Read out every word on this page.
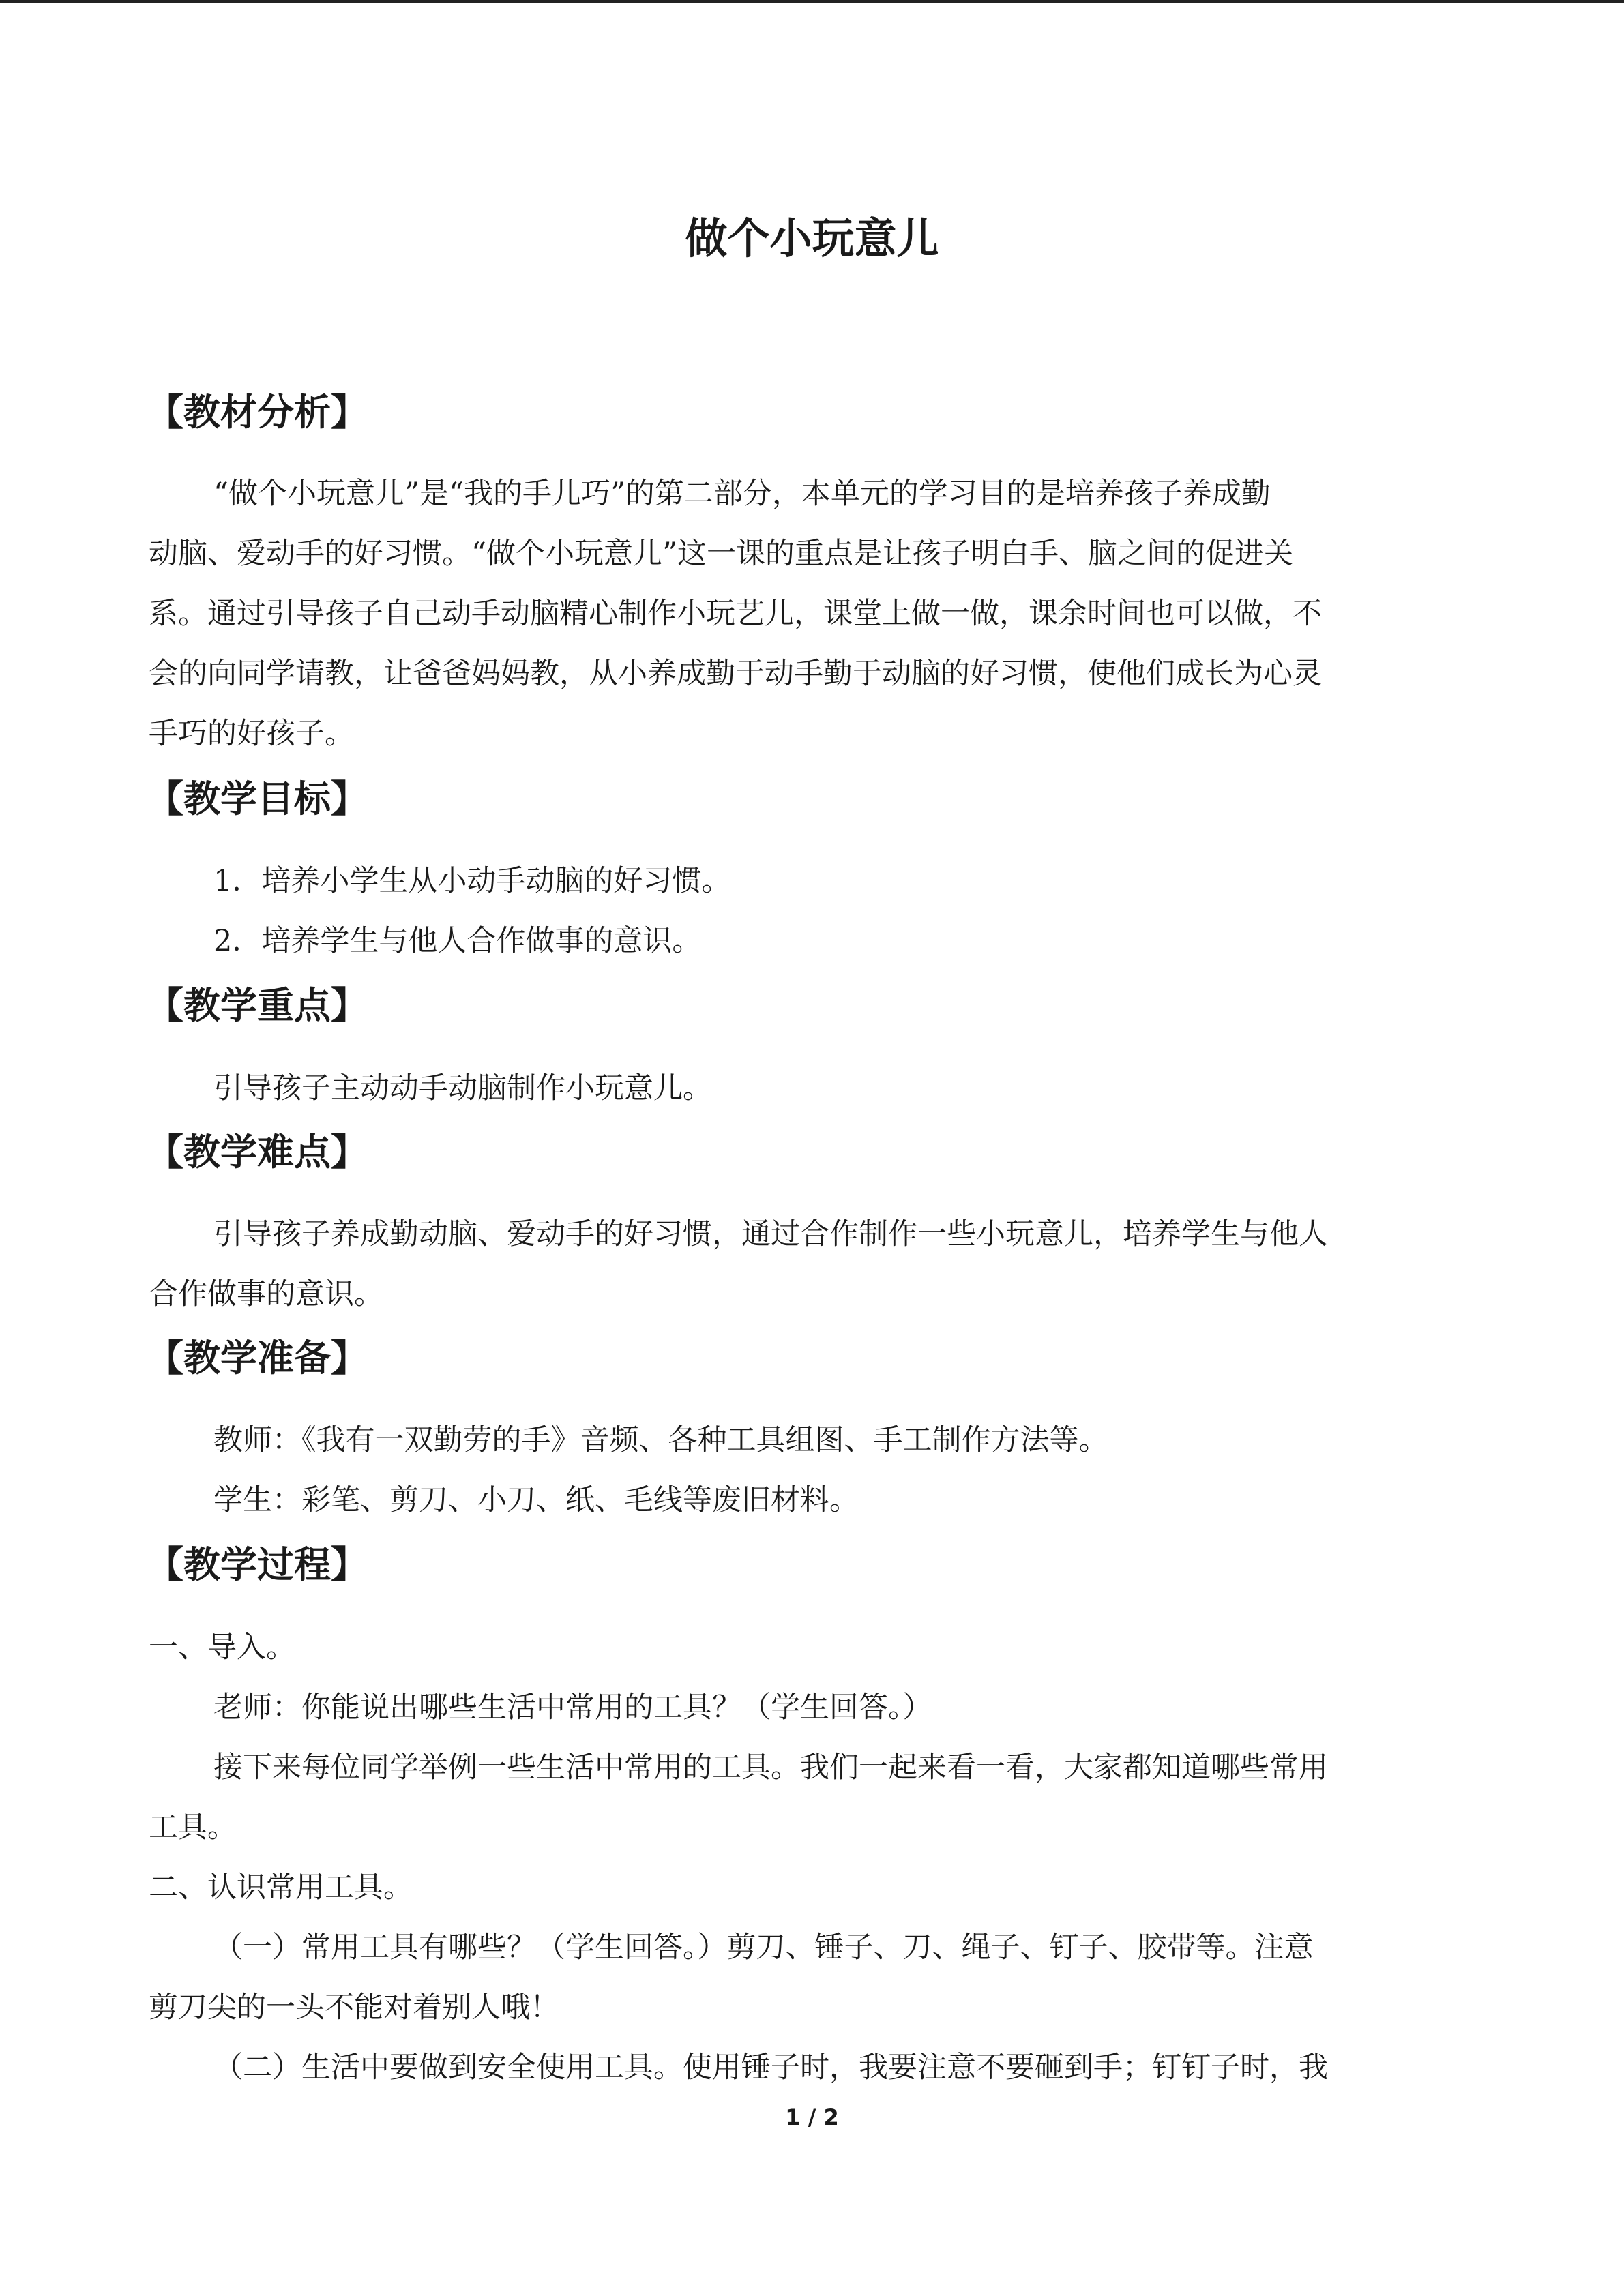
做个小玩意儿
【教材分析】
“做个小玩意儿”是“我的手儿巧”的第二部分，本单元的学习目的是培养孩子养成勤
动脑、爱动手的好习惯。“做个小玩意儿”这一课的重点是让孩子明白手、脑之间的促进关
系。通过引导孩子自己动手动脑精心制作小玩艺儿，课堂上做一做，课余时间也可以做，不
会的向同学请教，让爸爸妈妈教，从小养成勤于动手勤于动脑的好习惯，使他们成长为心灵
手巧的好孩子。
【教学目标】
1．培养小学生从小动手动脑的好习惯。
2．培养学生与他人合作做事的意识。
【教学重点】
引导孩子主动动手动脑制作小玩意儿。
【教学难点】
引导孩子养成勤动脑、爱动手的好习惯，通过合作制作一些小玩意儿，培养学生与他人
合作做事的意识。
【教学准备】
教师：《我有一双勤劳的手》音频、各种工具组图、手工制作方法等。
学生：彩笔、剪刀、小刀、纸、毛线等废旧材料。
【教学过程】
一、导入。
老师：你能说出哪些生活中常用的工具？（学生回答。）
接下来每位同学举例一些生活中常用的工具。我们一起来看一看，大家都知道哪些常用
工具。
二、认识常用工具。
（一）常用工具有哪些？（学生回答。）剪刀、锤子、刀、绳子、钉子、胶带等。注意
剪刀尖的一头不能对着别人哦！
（二）生活中要做到安全使用工具。使用锤子时，我要注意不要砸到手；钉钉子时，我
1 / 2
